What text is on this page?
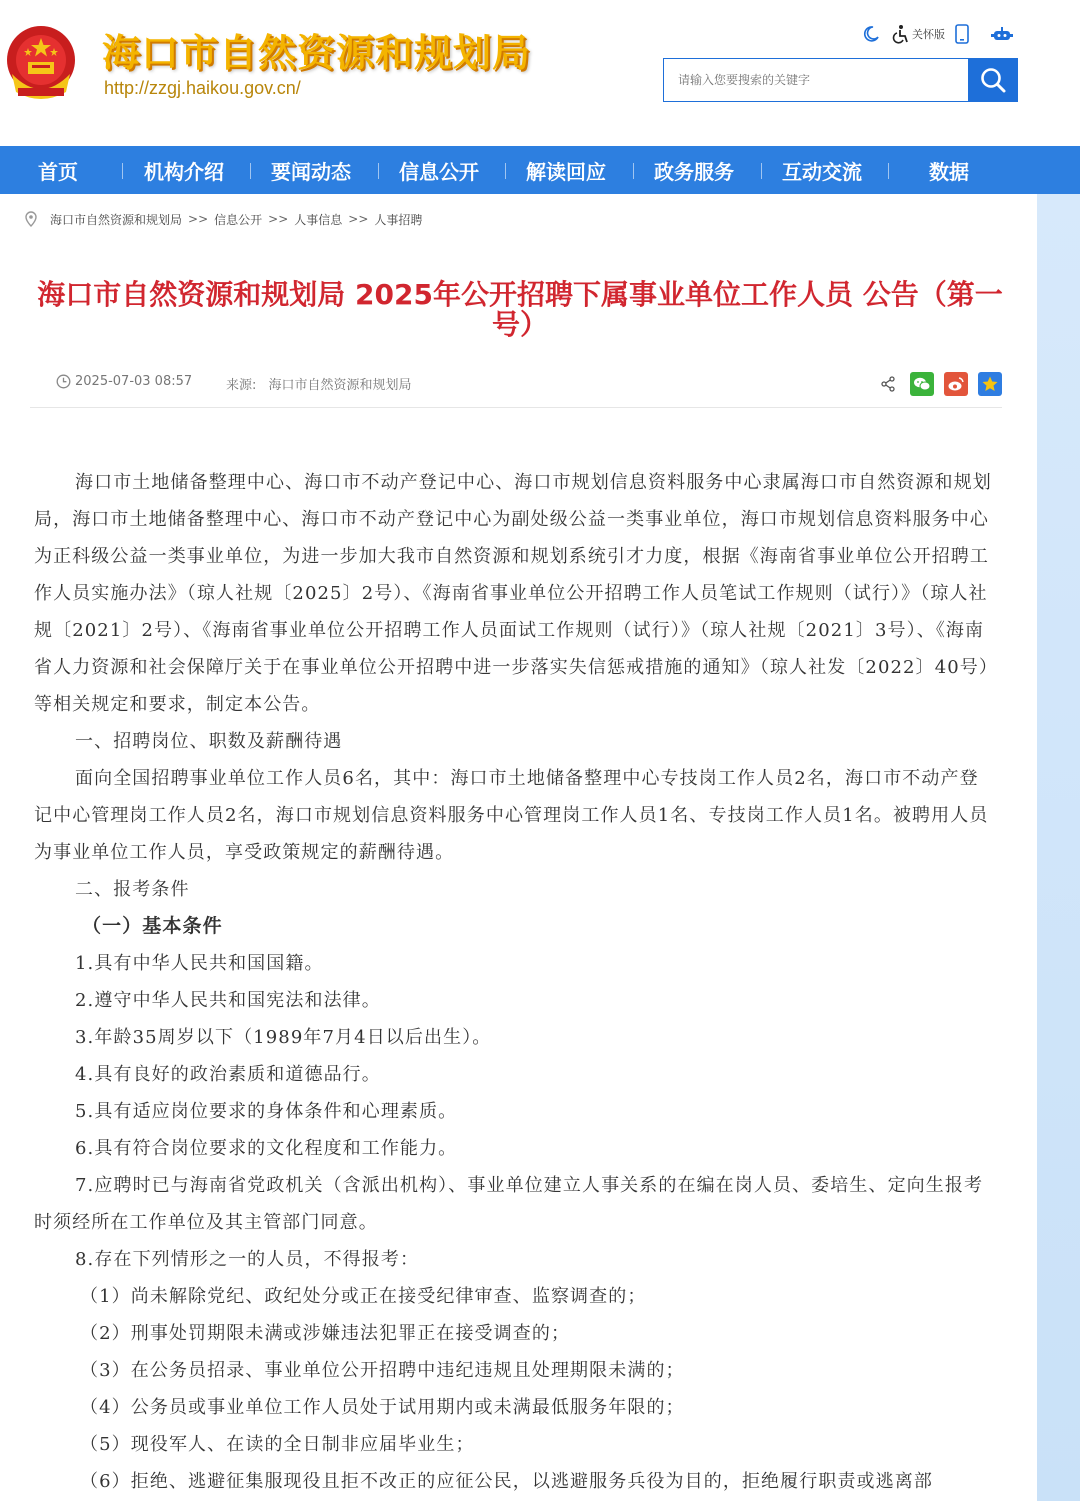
海口市自然资源和规划局
http://zzgj.haikou.gov.cn/
关怀版
请输入您要搜索的关键字
首页	机构介绍 要闻动态 信息公开 解读回应 政务服务 互动交流	数据
海口市自然资源和规划局 >> 信息公开 >> 人事信息 >> 人事招聘
海口市自然资源和规划局 2025年公开招聘下属事业单位工作人员 公告（第一号）
2025-07-03 08:57	来源: 海口市自然资源和规划局

海口市土地储备整理中心、海口市不动产登记中心、海口市规划信息资料服务中心隶属海口市自然资源和规划局，海口市土地储备整理中心、海口市不动产登记中心为副处级公益一类事业单位，海口市规划信息资料服务中心为正科级公益一类事业单位，为进一步加大我市自然资源和规划系统引才力度，根据《海南省事业单位公开招聘工作人员实施办法》（琼人社规〔2025〕2号）、《海南省事业单位公开招聘工作人员笔试工作规则（试行）》（琼人社规〔2021〕2号）、《海南省事业单位公开招聘工作人员面试工作规则（试行）》（琼人社规〔2021〕3号）、《海南省人力资源和社会保障厅关于在事业单位公开招聘中进一步落实失信惩戒措施的通知》（琼人社发〔2022〕40号）等相关规定和要求，制定本公告。

一、招聘岗位、职数及薪酬待遇

面向全国招聘事业单位工作人员6名，其中：海口市土地储备整理中心专技岗工作人员2名，海口市不动产登记中心管理岗工作人员2名，海口市规划信息资料服务中心管理岗工作人员1名、专技岗工作人员1名。被聘用人员为事业单位工作人员，享受政策规定的薪酬待遇。

二、报考条件

（一）基本条件

1.具有中华人民共和国国籍。

2.遵守中华人民共和国宪法和法律。

3.年龄35周岁以下（1989年7月4日以后出生）。

4.具有良好的政治素质和道德品行。

5.具有适应岗位要求的身体条件和心理素质。

6.具有符合岗位要求的文化程度和工作能力。

7.应聘时已与海南省党政机关（含派出机构）、事业单位建立人事关系的在编在岗人员、委培生、定向生报考时须经所在工作单位及其主管部门同意。

8.存在下列情形之一的人员，不得报考：

（1）尚未解除党纪、政纪处分或正在接受纪律审查、监察调查的；

（2）刑事处罚期限未满或涉嫌违法犯罪正在接受调查的；

（3）在公务员招录、事业单位公开招聘中违纪违规且处理期限未满的；

（4）公务员或事业单位工作人员处于试用期内或未满最低服务年限的；

（5）现役军人、在读的全日制非应届毕业生；

（6）拒绝、逃避征集服现役且拒不改正的应征公民，以逃避服务兵役为目的，拒绝履行职责或逃离部
